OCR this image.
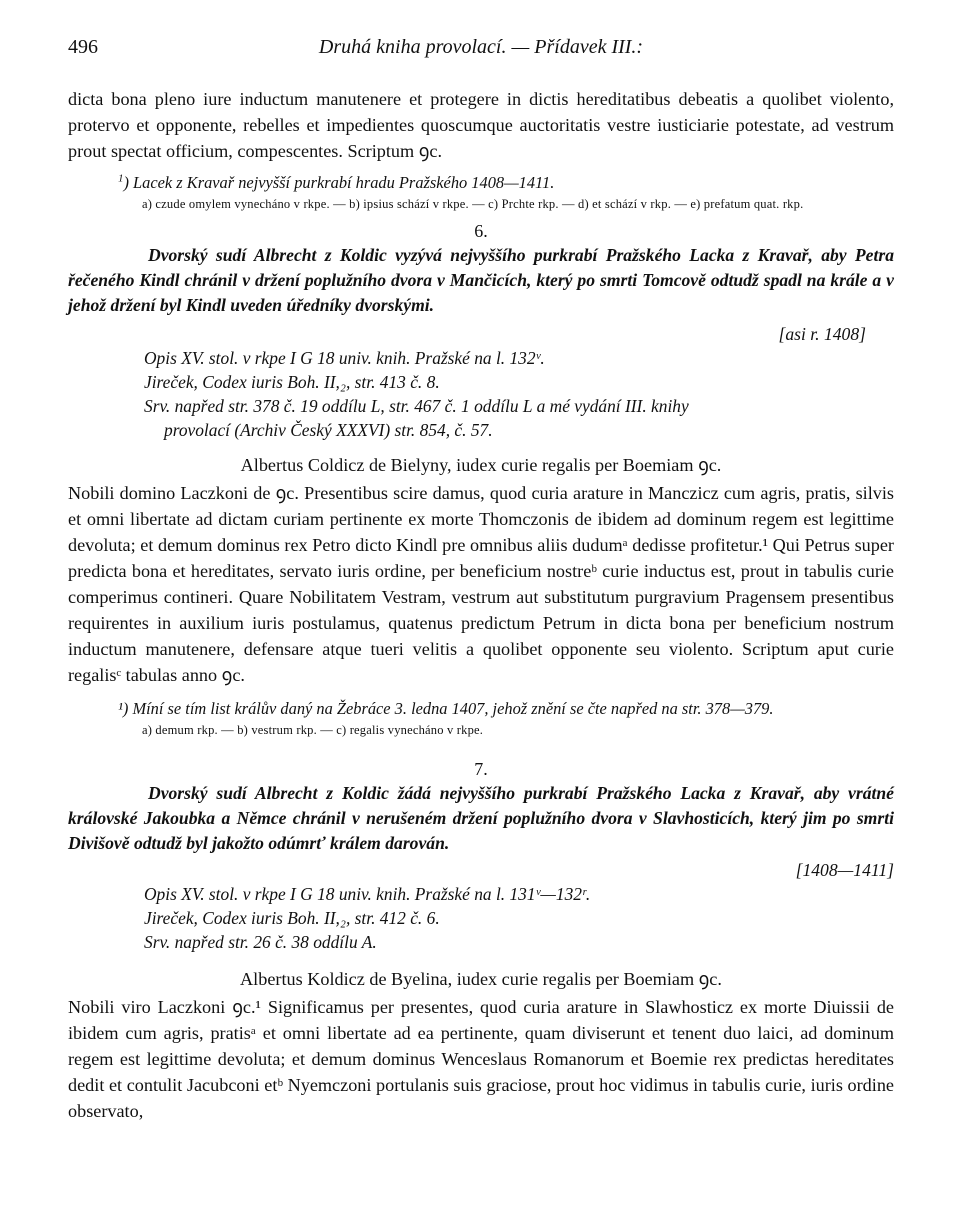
496	Druhá kniha provolací. — Přídavek III.:

dicta bona pleno iure inductum manutenere et protegere in dictis hereditatibus debeatis a quolibet violento, protervo et opponente, rebelles et impedientes quoscumque auctoritatis vestre iusticiarie potestate, ad vestrum prout spectat officium, compescentes. Scriptum ꝯc.

$^1$) Lacek z Kravař nejvyšší purkrabí hradu Pražského 1408—1411.

a) czude omylem vynecháno v rkpe. — b) ipsius schází v rkpe. — c) Prchte rkp. — d) et schází v rkp. — e) prefatum quat. rkp.

6.

Dvorský sudí Albrecht z Koldic vyzývá nejvyššího purkrabí Pražského Lacka z Kravař, aby Petra řečeného Kindl chránil v držení poplužního dvora v Mančicích, který po smrti Tomcově odtudž spadl na krále a v jehož držení byl Kindl uveden úředníky dvorskými.

[asi r. 1408]

Opis XV. stol. v rkpe I G 18 univ. knih. Pražské na l. 132ᵛ.

Jireček, Codex iuris Boh. II,₂, str. 413 č. 8.

Srv. napřed str. 378 č. 19 oddílu L, str. 467 č. 1 oddílu L a mé vydání III. knihy

provolací (Archiv Český XXXVI) str. 854, č. 57.

Albertus Coldicz de Bielyny, iudex curie regalis per Boemiam ꝯc.

Nobili domino Laczkoni de ꝯc. Presentibus scire damus, quod curia arature in Manczicz cum agris, pratis, silvis et omni libertate ad dictam curiam pertinente ex morte Thomczonis de ibidem ad dominum regem est legittime devoluta; et demum dominus rex Petro dicto Kindl pre omnibus aliis dudumᵃ dedisse profitetur.¹ Qui Petrus super predicta bona et hereditates, servato iuris ordine, per beneficium nostreᵇ curie inductus est, prout in tabulis curie comperimus contineri. Quare Nobilitatem Vestram, vestrum aut substitutum purgravium Pragensem presentibus requirentes in auxilium iuris postulamus, quatenus predictum Petrum in dicta bona per beneficium nostrum inductum manutenere, defensare atque tueri velitis a quolibet opponente seu violento. Scriptum aput curie regalisᶜ tabulas anno ꝯc.

¹) Míní se tím list králův daný na Žebráce 3. ledna 1407, jehož znění se čte napřed na str. 378—379.

a) demum rkp. — b) vestrum rkp. — c) regalis vynecháno v rkpe.

7.

Dvorský sudí Albrecht z Koldic žádá nejvyššího purkrabí Pražského Lacka z Kravař, aby vrátné královské Jakoubka a Němce chránil v nerušeném držení poplužního dvora v Slavhosticích, který jim po smrti Divišově odtudž byl jakožto odúmrť králem darován.

[1408—1411]

Opis XV. stol. v rkpe I G 18 univ. knih. Pražské na l. 131ᵛ—132ʳ.

Jireček, Codex iuris Boh. II,₂, str. 412 č. 6.

Srv. napřed str. 26 č. 38 oddílu A.

Albertus Koldicz de Byelina, iudex curie regalis per Boemiam ꝯc.

Nobili viro Laczkoni ꝯc.¹ Significamus per presentes, quod curia arature in Slawhosticz ex morte Diuissii de ibidem cum agris, pratisᵃ et omni libertate ad ea pertinente, quam diviserunt et tenent duo laici, ad dominum regem est legittime devoluta; et demum dominus Wenceslaus Romanorum et Boemie rex predictas hereditates dedit et contulit Jacubconi etᵇ Nyemczoni portulanis suis graciose, prout hoc vidimus in tabulis curie, iuris ordine observato,
